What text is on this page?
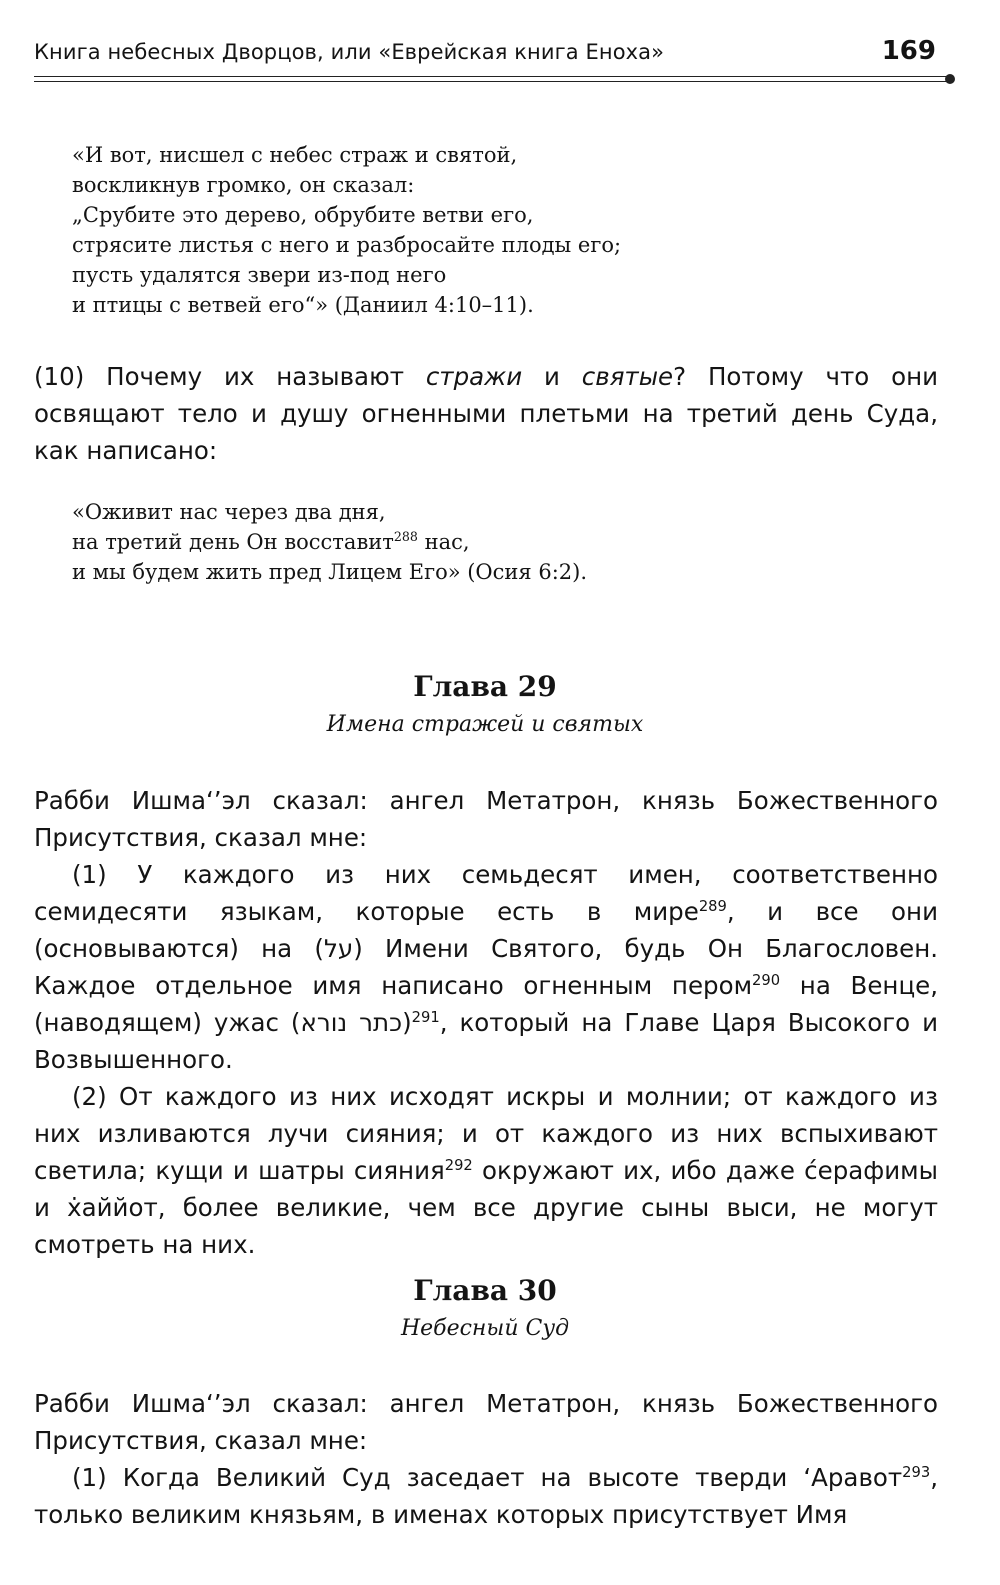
Книга небесных Дворцов, или «Еврейская книга Еноха»	169
«И вот, нисшел с небес страж и святой,
воскликнув громко, он сказал:
„Срубите это дерево, обрубите ветви его,
стрясите листья с него и разбросайте плоды его;
пусть удалятся звери из-под него
и птицы с ветвей его“» (Даниил 4:10–11).

(10) Почему их называют стражи и святые? Потому что они освящают тело и душу огненными плетьми на третий день Суда, как написано:

«Оживит нас через два дня,
на третий день Он восставит$^{288}$ нас,
и мы будем жить пред Лицем Его» (Осия 6:2).
Глава 29
Имена стражей и святых

Рабби Ишма‘’эл сказал: ангел Метатрон, князь Божественного Присутствия, сказал мне:

(1) У каждого из них семьдесят имен, соответственно семидесяти языкам, которые есть в мире$^{289}$, и все они (основываются) на (על) Имени Святого, будь Он Благословен. Каждое отдельное имя написано огненным пером$^{290}$ на Венце, (наводящем) ужас (כתר נורא)$^{291}$, который на Главе Царя Высокого и Возвышенного.

(2) От каждого из них исходят искры и молнии; от каждого из них изливаются лучи сияния; и от каждого из них вспыхивают светила; кущи и шатры сияния$^{292}$ окружают их, ибо даже ćерафимы и ẋаййот, более великие, чем все другие сыны выси, не могут смотреть на них.

Глава 30
Небесный Суд

Рабби Ишма‘’эл сказал: ангел Метатрон, князь Божественного Присутствия, сказал мне:

(1) Когда Великий Суд заседает на высоте тверди ‘Аравот$^{293}$, только великим князьям, в именах которых присутствует Имя
